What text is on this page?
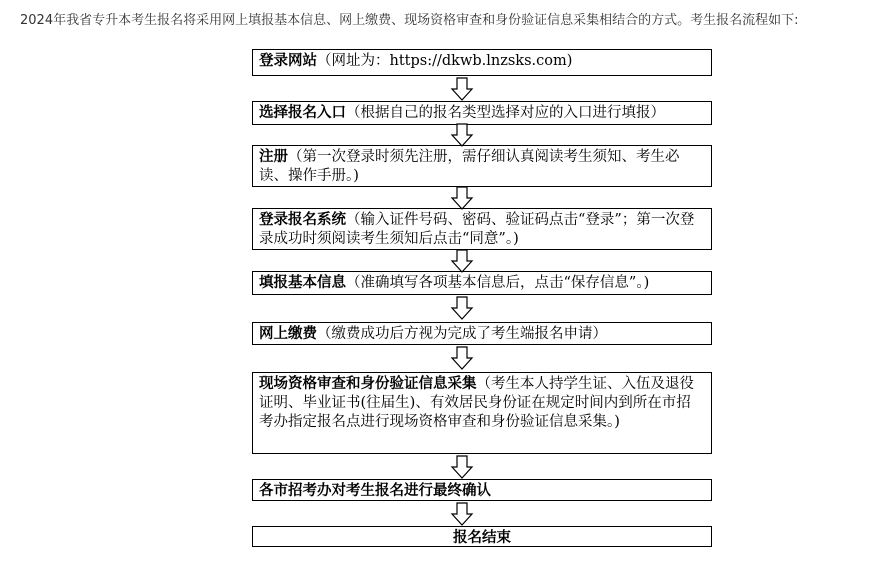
2024年我省专升本考生报名将采用网上填报基本信息、网上缴费、现场资格审查和身份验证信息采集相结合的方式。考生报名流程如下:
登录网站（网址为：https://dkwb.lnzsks.com)
选择报名入口（根据自己的报名类型选择对应的入口进行填报）
注册（第一次登录时须先注册，需仔细认真阅读考生须知、考生必读、操作手册。)
登录报名系统（输入证件号码、密码、验证码点击“登录”；第一次登录成功时须阅读考生须知后点击“同意”。)
填报基本信息（准确填写各项基本信息后，点击“保存信息”。)
网上缴费（缴费成功后方视为完成了考生端报名申请）
现场资格审查和身份验证信息采集（考生本人持学生证、入伍及退役证明、毕业证书(往届生)、有效居民身份证在规定时间内到所在市招考办指定报名点进行现场资格审查和身份验证信息采集。)
各市招考办对考生报名进行最终确认
报名结束
